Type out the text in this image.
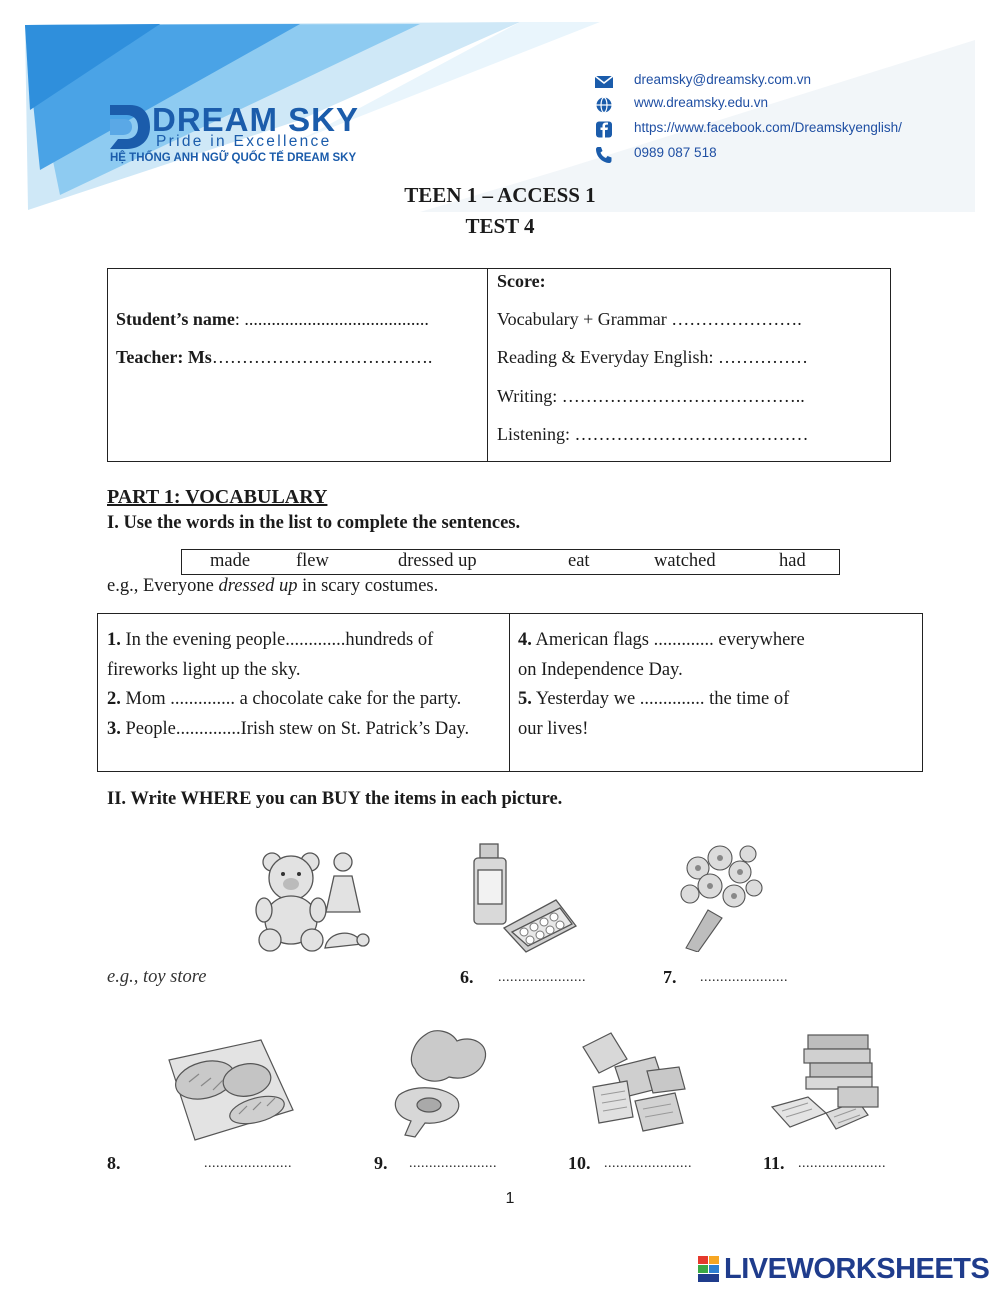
DREAM SKY
Pride in Excellence
HỆ THỐNG ANH NGỮ QUỐC TẾ DREAM SKY
dreamsky@dreamsky.com.vn
www.dreamsky.edu.vn
https://www.facebook.com/Dreamskyenglish/
0989 087 518
TEEN 1 – ACCESS 1
TEST 4
Student’s name: .........................................
Teacher: Ms……………………………….
Score:
Vocabulary + Grammar ………………….
Reading & Everyday English: ……………
Writing: …………………………………..
Listening: …………………………………
PART 1: VOCABULARY
I. Use the words in the list to complete the sentences.
made flew	dressed up	eat	watched	had
e.g., Everyone dressed up in scary costumes.
1. In the evening people.............hundreds of
fireworks light up the sky.
2. Mom .............. a chocolate cake for the party.
3. People..............Irish stew on St. Patrick’s Day.
4. American flags ............. everywhere
on Independence Day.
5. Yesterday we .............. the time of
our lives!
II. Write WHERE you can BUY the items in each picture.
e.g., toy store	6. ......................	7. ......................
8.	......................	9. ......................	10. ......................	11. ......................
1
LIVEWORKSHEETS
